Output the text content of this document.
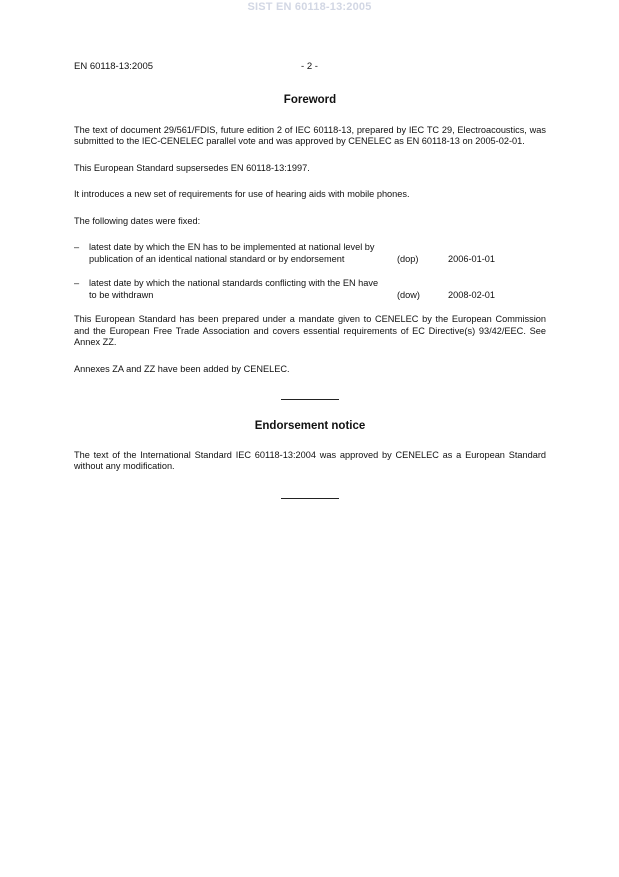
SIST EN 60118-13:2005
EN 60118-13:2005	- 2 -
Foreword

The text of document 29/561/FDIS, future edition 2 of IEC 60118-13, prepared by IEC TC 29, Electroacoustics, was submitted to the IEC-CENELEC parallel vote and was approved by CENELEC as EN 60118-13 on 2005-02-01.

This European Standard supsersedes EN 60118-13:1997.

It introduces a new set of requirements for use of hearing aids with mobile phones.

The following dates were fixed:

– latest date by which the EN has to be implemented at national level by publication of an identical national standard or by endorsement	(dop)	2006-01-01
– latest date by which the national standards conflicting with the EN have to be withdrawn	(dow)	2008-02-01

This European Standard has been prepared under a mandate given to CENELEC by the European Commission and the European Free Trade Association and covers essential requirements of EC Directive(s) 93/42/EEC. See Annex ZZ.

Annexes ZA and ZZ have been added by CENELEC.

Endorsement notice

The text of the International Standard IEC 60118-13:2004 was approved by CENELEC as a European Standard without any modification.
